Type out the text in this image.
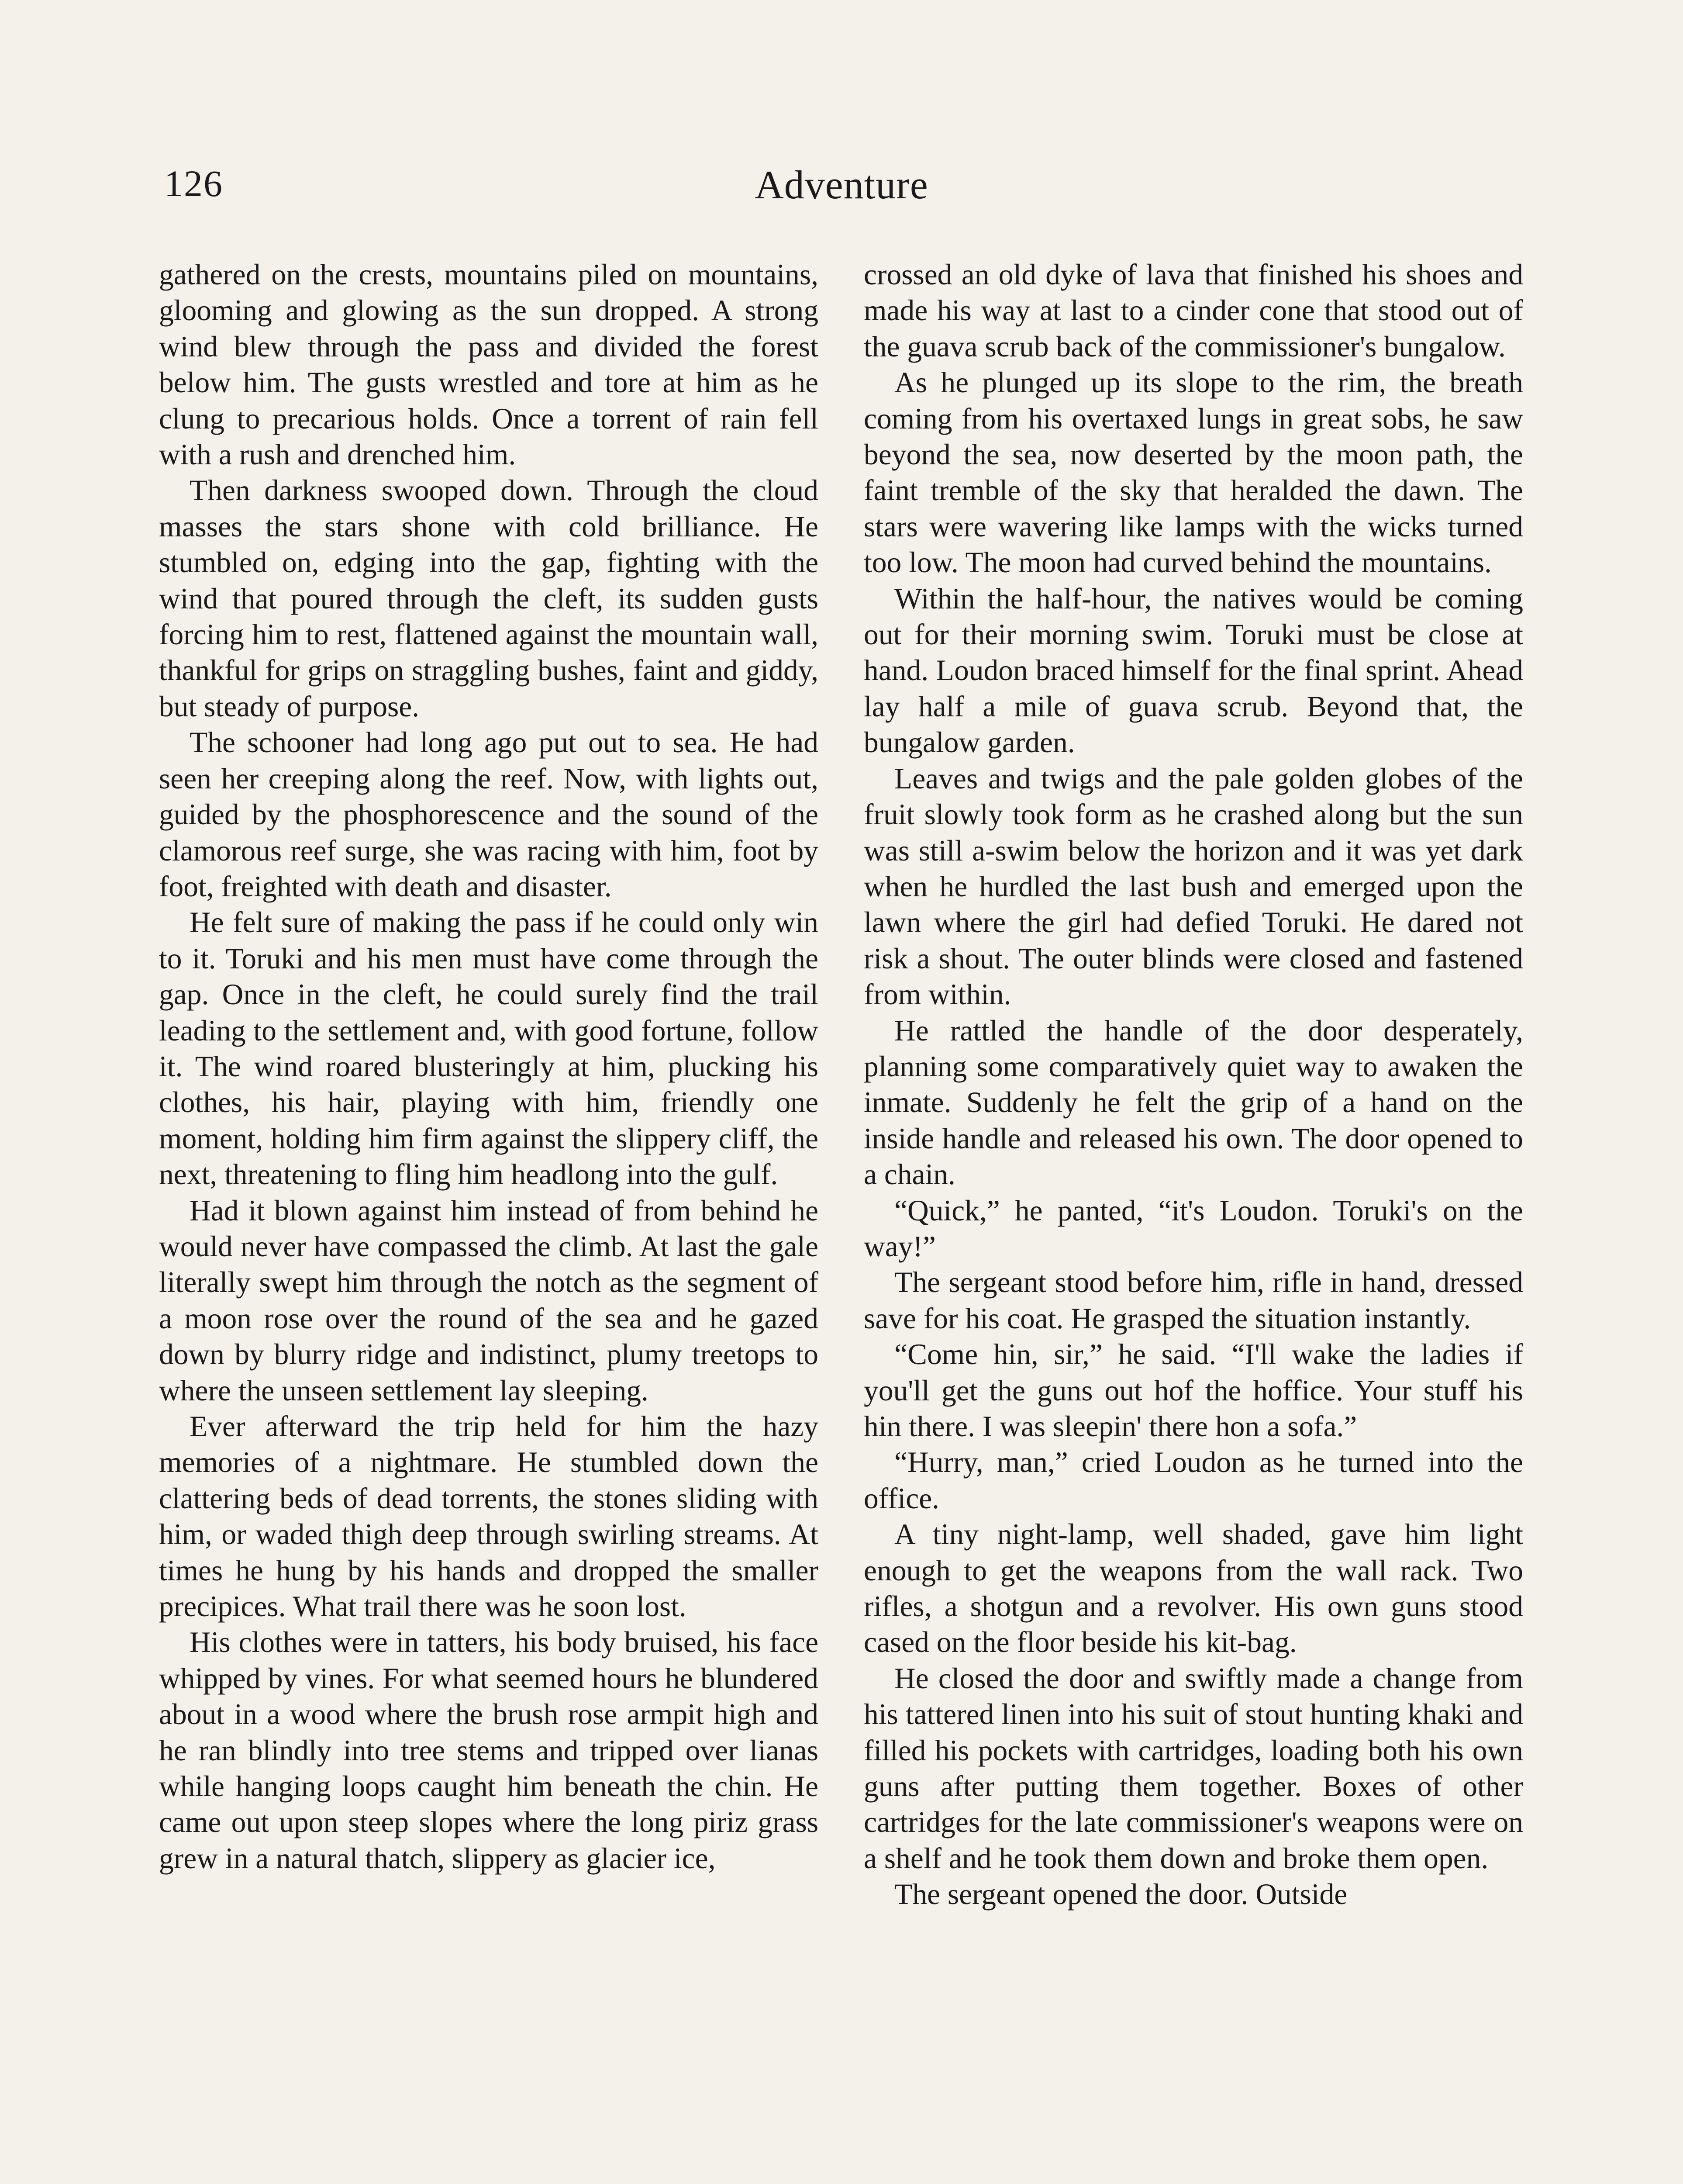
126	Adventure

gathered on the crests, mountains piled on mountains, glooming and glowing as the sun dropped. A strong wind blew through the pass and divided the forest below him. The gusts wrestled and tore at him as he clung to precarious holds. Once a torrent of rain fell with a rush and drenched him.

Then darkness swooped down. Through the cloud masses the stars shone with cold brilliance. He stumbled on, edging into the gap, fighting with the wind that poured through the cleft, its sudden gusts forcing him to rest, flattened against the mountain wall, thankful for grips on straggling bushes, faint and giddy, but steady of purpose.

The schooner had long ago put out to sea. He had seen her creeping along the reef. Now, with lights out, guided by the phosphorescence and the sound of the clamorous reef surge, she was racing with him, foot by foot, freighted with death and disaster.

He felt sure of making the pass if he could only win to it. Toruki and his men must have come through the gap. Once in the cleft, he could surely find the trail leading to the settlement and, with good fortune, follow it. The wind roared blusteringly at him, plucking his clothes, his hair, playing with him, friendly one moment, holding him firm against the slippery cliff, the next, threatening to fling him headlong into the gulf.

Had it blown against him instead of from behind he would never have compassed the climb. At last the gale literally swept him through the notch as the segment of a moon rose over the round of the sea and he gazed down by blurry ridge and indistinct, plumy treetops to where the unseen settlement lay sleeping.

Ever afterward the trip held for him the hazy memories of a nightmare. He stumbled down the clattering beds of dead torrents, the stones sliding with him, or waded thigh deep through swirling streams. At times he hung by his hands and dropped the smaller precipices. What trail there was he soon lost.

His clothes were in tatters, his body bruised, his face whipped by vines. For what seemed hours he blundered about in a wood where the brush rose armpit high and he ran blindly into tree stems and tripped over lianas while hanging loops caught him beneath the chin. He came out upon steep slopes where the long piriz grass grew in a natural thatch, slippery as glacier ice,

crossed an old dyke of lava that finished his shoes and made his way at last to a cinder cone that stood out of the guava scrub back of the commissioner's bungalow.

As he plunged up its slope to the rim, the breath coming from his overtaxed lungs in great sobs, he saw beyond the sea, now deserted by the moon path, the faint tremble of the sky that heralded the dawn. The stars were wavering like lamps with the wicks turned too low. The moon had curved behind the mountains.

Within the half-hour, the natives would be coming out for their morning swim. Toruki must be close at hand. Loudon braced himself for the final sprint. Ahead lay half a mile of guava scrub. Beyond that, the bungalow garden.

Leaves and twigs and the pale golden globes of the fruit slowly took form as he crashed along but the sun was still a-swim below the horizon and it was yet dark when he hurdled the last bush and emerged upon the lawn where the girl had defied Toruki. He dared not risk a shout. The outer blinds were closed and fastened from within.

He rattled the handle of the door desperately, planning some comparatively quiet way to awaken the inmate. Suddenly he felt the grip of a hand on the inside handle and released his own. The door opened to a chain.

“Quick,” he panted, “it's Loudon. Toruki's on the way!”

The sergeant stood before him, rifle in hand, dressed save for his coat. He grasped the situation instantly.

“Come hin, sir,” he said. “I'll wake the ladies if you'll get the guns out hof the hoffice. Your stuff his hin there. I was sleepin' there hon a sofa.”

“Hurry, man,” cried Loudon as he turned into the office.

A tiny night-lamp, well shaded, gave him light enough to get the weapons from the wall rack. Two rifles, a shotgun and a revolver. His own guns stood cased on the floor beside his kit-bag.

He closed the door and swiftly made a change from his tattered linen into his suit of stout hunting khaki and filled his pockets with cartridges, loading both his own guns after putting them together. Boxes of other cartridges for the late commissioner's weapons were on a shelf and he took them down and broke them open.

The sergeant opened the door. Outside
